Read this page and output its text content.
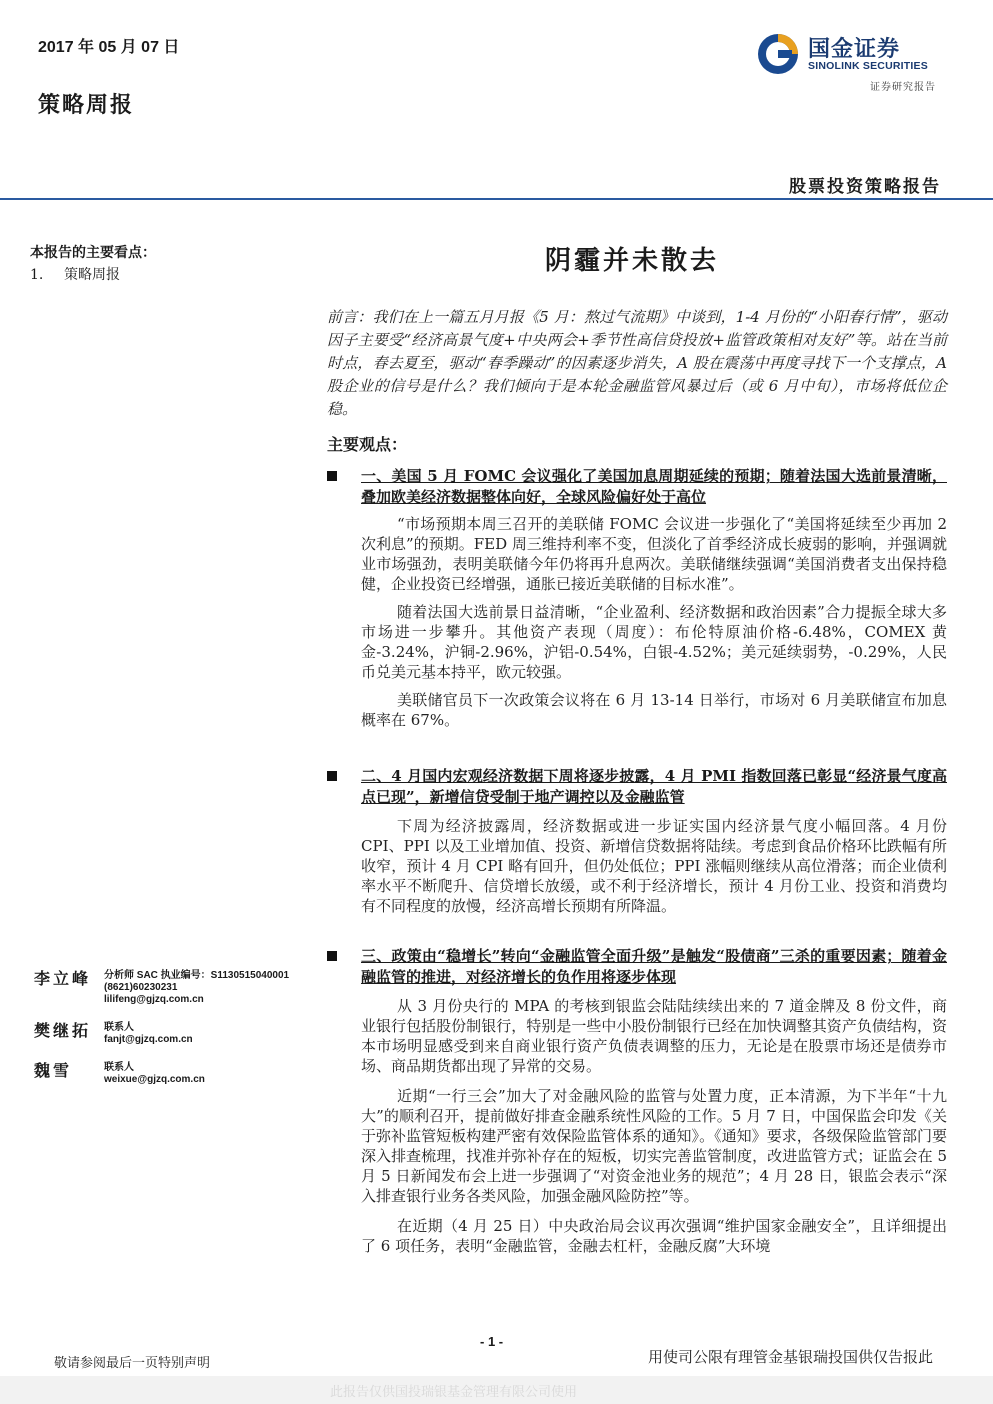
2017 年 05 月 07 日
策略周报
国金证券
SINOLINK SECURITIES
证券研究报告
股票投资策略报告
本报告的主要看点：
1. 策略周报	阴霾并未散去
前言：我们在上一篇五月月报《5 月：熬过气流期》中谈到，1-4 月份的“小阳春行情”，驱动因子主要受“经济高景气度+中央两会+季节性高信贷投放+监管政策相对友好”等。站在当前时点，春去夏至，驱动“春季躁动”的因素逐步消失，A 股在震荡中再度寻找下一个支撑点，A 股企业的信号是什么？我们倾向于是本轮金融监管风暴过后（或 6 月中旬），市场将低位企稳。
主要观点：
一、美国 5 月 FOMC 会议强化了美国加息周期延续的预期；随着法国大选前景清晰，叠加欧美经济数据整体向好，全球风险偏好处于高位

“市场预期本周三召开的美联储 FOMC 会议进一步强化了“美国将延续至少再加 2 次利息”的预期。FED 周三维持利率不变，但淡化了首季经济成长疲弱的影响，并强调就业市场强劲，表明美联储今年仍将再升息两次。美联储继续强调“美国消费者支出保持稳健，企业投资已经增强，通胀已接近美联储的目标水准”。

随着法国大选前景日益清晰，“企业盈利、经济数据和政治因素”合力提振全球大多市场进一步攀升。其他资产表现（周度）：布伦特原油价格-6.48%，COMEX 黄金-3.24%，沪铜-2.96%，沪铝-0.54%，白银-4.52%；美元延续弱势，-0.29%，人民币兑美元基本持平，欧元较强。

美联储官员下一次政策会议将在 6 月 13-14 日举行，市场对 6 月美联储宣布加息概率在 67%。

二、4 月国内宏观经济数据下周将逐步披露，4 月 PMI 指数回落已彰显“经济景气度高点已现”，新增信贷受制于地产调控以及金融监管

下周为经济披露周，经济数据或进一步证实国内经济景气度小幅回落。4 月份 CPI、PPI 以及工业增加值、投资、新增信贷数据将陆续。考虑到食品价格环比跌幅有所收窄，预计 4 月 CPI 略有回升，但仍处低位；PPI 涨幅则继续从高位滑落；而企业债利率水平不断爬升、信贷增长放缓，或不利于经济增长，预计 4 月份工业、投资和消费均有不同程度的放慢，经济高增长预期有所降温。

三、政策由“稳增长”转向“金融监管全面升级”是触发“股债商”三杀的重要因素；随着金融监管的推进，对经济增长的负作用将逐步体现

从 3 月份央行的 MPA 的考核到银监会陆陆续续出来的 7 道金牌及 8 份文件，商业银行包括股份制银行，特别是一些中小股份制银行已经在加快调整其资产负债结构，资本市场明显感受到来自商业银行资产负债表调整的压力，无论是在股票市场还是债券市场、商品期货都出现了异常的交易。

近期“一行三会”加大了对金融风险的监管与处置力度，正本清源，为下半年“十九大”的顺利召开，提前做好排查金融系统性风险的工作。5 月 7 日，中国保监会印发《关于弥补监管短板构建严密有效保险监管体系的通知》。《通知》要求，各级保险监管部门要深入排查梳理，找准并弥补存在的短板，切实完善监管制度，改进监管方式；证监会在 5 月 5 日新闻发布会上进一步强调了“对资金池业务的规范”；4 月 28 日，银监会表示“深入排查银行业务各类风险，加强金融风险防控”等。

在近期（4 月 25 日）中央政治局会议再次强调“维护国家金融安全”，且详细提出了 6 项任务，表明“金融监管，金融去杠杆，金融反腐”大环境

李立峰 分析师 SAC 执业编号：S1130515040001
(8621)60230231
lilifeng@gjzq.com.cn
樊继拓 联系人
fanjt@gjzq.com.cn
魏雪	联系人
weixue@gjzq.com.cn
- 1 -
敬请参阅最后一页特别声明	用使司公限有理管金基银瑞投国供仅告报此
此报告仅供国投瑞银基金管理有限公司使用
